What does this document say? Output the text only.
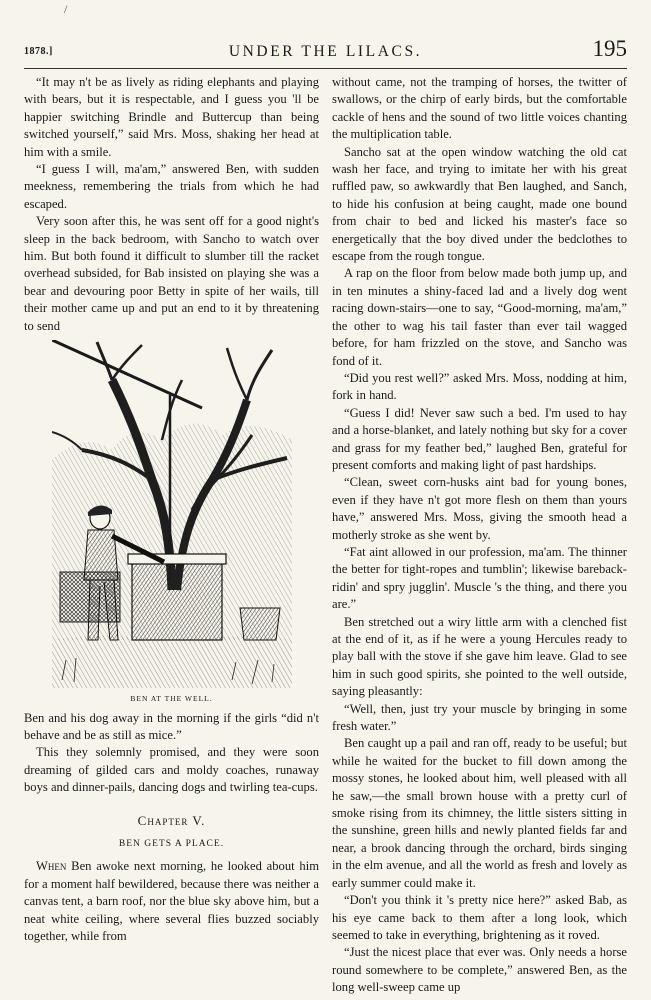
/
1878.]	UNDER THE LILACS.	195

“It may n't be as lively as riding elephants and playing with bears, but it is respectable, and I guess you 'll be happier switching Brindle and Buttercup than being switched yourself,” said Mrs. Moss, shaking her head at him with a smile.

“I guess I will, ma'am,” answered Ben, with sudden meekness, remembering the trials from which he had escaped.

Very soon after this, he was sent off for a good night's sleep in the back bedroom, with Sancho to watch over him. But both found it difficult to slumber till the racket overhead subsided, for Bab insisted on playing she was a bear and devouring poor Betty in spite of her wails, till their mother came up and put an end to it by threatening to send

BEN AT THE WELL.

Ben and his dog away in the morning if the girls “did n't behave and be as still as mice.”

This they solemnly promised, and they were soon dreaming of gilded cars and moldy coaches, runaway boys and dinner-pails, dancing dogs and twirling tea-cups.

Chapter V.
BEN GETS A PLACE.

When Ben awoke next morning, he looked about him for a moment half bewildered, because there was neither a canvas tent, a barn roof, nor the blue sky above him, but a neat white ceiling, where several flies buzzed sociably together, while from

without came, not the tramping of horses, the twitter of swallows, or the chirp of early birds, but the comfortable cackle of hens and the sound of two little voices chanting the multiplication table.

Sancho sat at the open window watching the old cat wash her face, and trying to imitate her with his great ruffled paw, so awkwardly that Ben laughed, and Sanch, to hide his confusion at being caught, made one bound from chair to bed and licked his master's face so energetically that the boy dived under the bedclothes to escape from the rough tongue.

A rap on the floor from below made both jump up, and in ten minutes a shiny-faced lad and a lively dog went racing down-stairs—one to say, “Good-morning, ma'am,” the other to wag his tail faster than ever tail wagged before, for ham frizzled on the stove, and Sancho was fond of it.

“Did you rest well?” asked Mrs. Moss, nodding at him, fork in hand.

“Guess I did! Never saw such a bed. I'm used to hay and a horse-blanket, and lately nothing but sky for a cover and grass for my feather bed,” laughed Ben, grateful for present comforts and making light of past hardships.

“Clean, sweet corn-husks aint bad for young bones, even if they have n't got more flesh on them than yours have,” answered Mrs. Moss, giving the smooth head a motherly stroke as she went by.

“Fat aint allowed in our profession, ma'am. The thinner the better for tight-ropes and tumblin'; likewise bareback-ridin' and spry jugglin'. Muscle 's the thing, and there you are.”

Ben stretched out a wiry little arm with a clenched fist at the end of it, as if he were a young Hercules ready to play ball with the stove if she gave him leave. Glad to see him in such good spirits, she pointed to the well outside, saying pleasantly:

“Well, then, just try your muscle by bringing in some fresh water.”

Ben caught up a pail and ran off, ready to be useful; but while he waited for the bucket to fill down among the mossy stones, he looked about him, well pleased with all he saw,—the small brown house with a pretty curl of smoke rising from its chimney, the little sisters sitting in the sunshine, green hills and newly planted fields far and near, a brook dancing through the orchard, birds singing in the elm avenue, and all the world as fresh and lovely as early summer could make it.

“Don't you think it 's pretty nice here?” asked Bab, as his eye came back to them after a long look, which seemed to take in everything, brightening as it roved.

“Just the nicest place that ever was. Only needs a horse round somewhere to be complete,” answered Ben, as the long well-sweep came up
